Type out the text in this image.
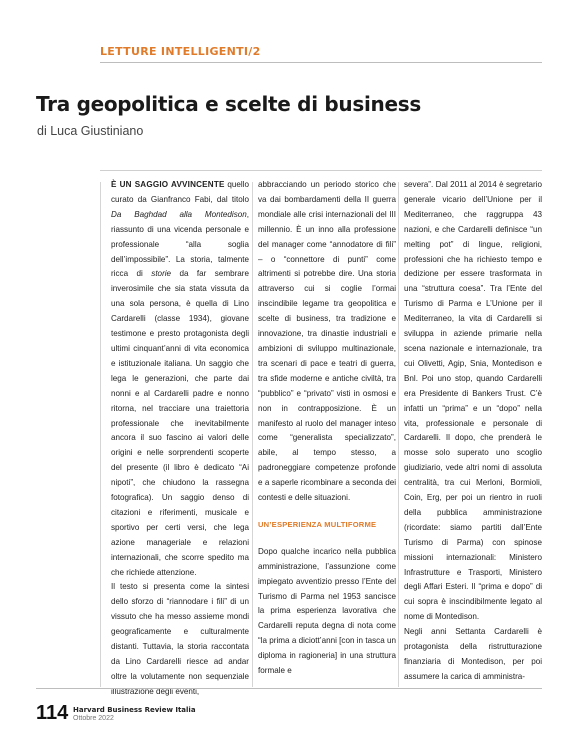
LETTURE INTELLIGENTI/2
Tra geopolitica e scelte di business
di Luca Giustiniano

È UN SAGGIO AVVINCENTE quello curato da Gianfranco Fabi, dal titolo Da Baghdad alla Montedison, riassunto di una vicenda personale e professionale “alla soglia dell’impossibile”. La storia, talmente ricca di storie da far sembrare inverosimile che sia stata vissuta da una sola persona, è quella di Lino Cardarelli (classe 1934), giovane testimone e presto protagonista degli ultimi cinquant’anni di vita economica e istituzionale italiana. Un saggio che lega le generazioni, che parte dai nonni e al Cardarelli padre e nonno ritorna, nel tracciare una traiettoria professionale che inevitabilmente ancora il suo fascino ai valori delle origini e nelle sorprendenti scoperte del presente (il libro è dedicato “Ai nipoti”, che chiudono la rassegna fotografica). Un saggio denso di citazioni e riferimenti, musicale e sportivo per certi versi, che lega azione manageriale e relazioni internazionali, che scorre spedito ma che richiede attenzione.

Il testo si presenta come la sintesi dello sforzo di “riannodare i fili” di un vissuto che ha messo assieme mondi geograficamente e culturalmente distanti. Tuttavia, la storia raccontata da Lino Cardarelli riesce ad andar oltre la volutamente non sequenziale illustrazione degli eventi,

abbracciando un periodo storico che va dai bombardamenti della II guerra mondiale alle crisi internazionali del III millennio. È un inno alla professione del manager come “annodatore di fili” – o “connettore di punti” come altrimenti si potrebbe dire. Una storia attraverso cui si coglie l’ormai inscindibile legame tra geopolitica e scelte di business, tra tradizione e innovazione, tra dinastie industriali e ambizioni di sviluppo multinazionale, tra scenari di pace e teatri di guerra, tra sfide moderne e antiche civiltà, tra “pubblico” e “privato” visti in osmosi e non in contrapposizione. È un manifesto al ruolo del manager inteso come “generalista specializzato”, abile, al tempo stesso, a padroneggiare competenze profonde e a saperle ricombinare a seconda dei contesti e delle situazioni.

UN’ESPERIENZA MULTIFORME

Dopo qualche incarico nella pubblica amministrazione, l’assunzione come impiegato avventizio presso l’Ente del Turismo di Parma nel 1953 sancisce la prima esperienza lavorativa che Cardarelli reputa degna di nota come “la prima a diciott’anni [con in tasca un diploma in ragioneria] in una struttura formale e

severa”. Dal 2011 al 2014 è segretario generale vicario dell’Unione per il Mediterraneo, che raggruppa 43 nazioni, e che Cardarelli definisce “un melting pot” di lingue, religioni, professioni che ha richiesto tempo e dedizione per essere trasformata in una “struttura coesa”. Tra l’Ente del Turismo di Parma e L’Unione per il Mediterraneo, la vita di Cardarelli si sviluppa in aziende primarie nella scena nazionale e internazionale, tra cui Olivetti, Agip, Snia, Montedison e Bnl. Poi uno stop, quando Cardarelli era Presidente di Bankers Trust. C’è infatti un “prima” e un “dopo” nella vita, professionale e personale di Cardarelli. Il dopo, che prenderà le mosse solo superato uno scoglio giudiziario, vede altri nomi di assoluta centralità, tra cui Merloni, Bormioli, Coin, Erg, per poi un rientro in ruoli della pubblica amministrazione (ricordate: siamo partiti dall’Ente Turismo di Parma) con spinose missioni internazionali: Ministero Infrastrutture e Trasporti, Ministero degli Affari Esteri. Il “prima e dopo” di cui sopra è inscindibilmente legato al nome di Montedison.

Negli anni Settanta Cardarelli è protagonista della ristrutturazione finanziaria di Montedison, per poi assumere la carica di amministra-

114 Harvard Business Review Italia
Ottobre 2022
